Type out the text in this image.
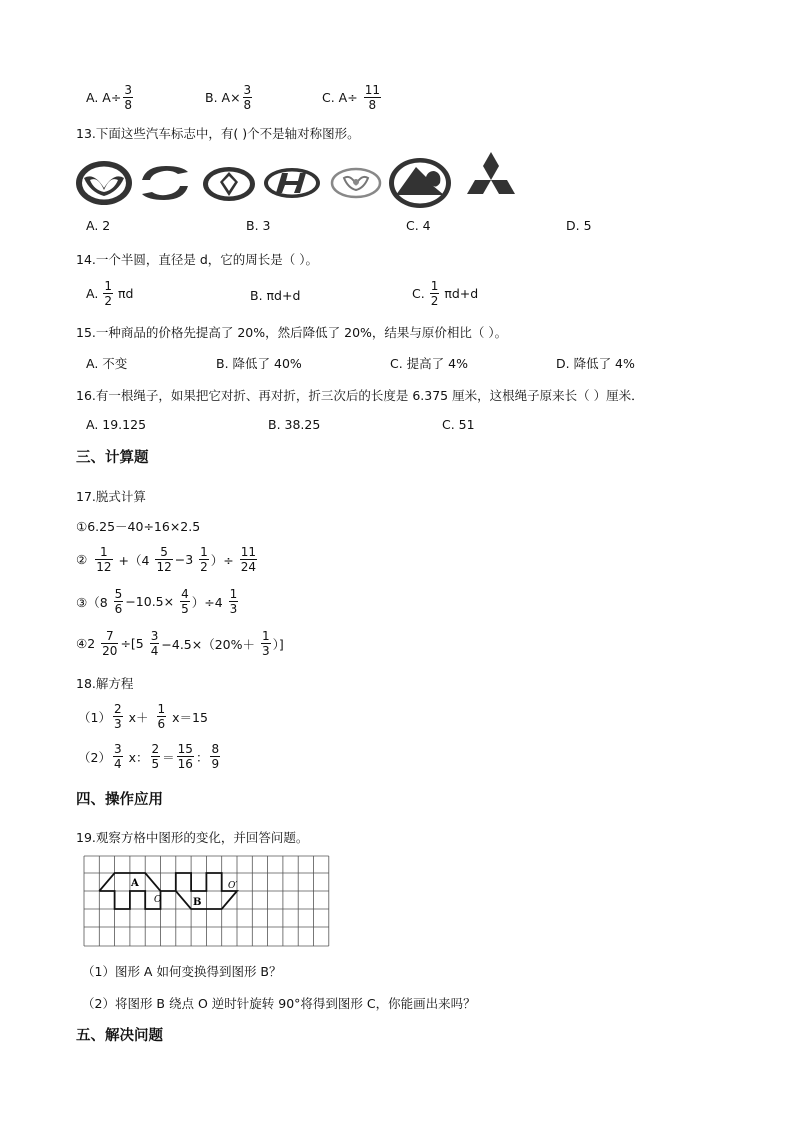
A. $A\div \frac{3}{8}$	B. $A\times \frac{3}{8}$	C. $A\div \frac{11}{8}$
13.下面这些汽车标志中，有( )个不是轴对称图形。
A. 2	B. 3	C. 4	D. 5
14.一个半圆，直径是 d，它的周长是（ ）。
A. $\frac{1}{2}$ πd	B. πd+d	C. $\frac{1}{2} \pi d+d$
15.一种商品的价格先提高了 20%，然后降低了 20%，结果与原价相比（ ）。
A. 不变	B. 降低了 40%	C. 提高了 4%	D. 降低了 4%
16.有一根绳子，如果把它对折、再对折，折三次后的长度是 6.375 厘米，这根绳子原来长（ ）厘米．
A. 19.125	B. 38.25	C. 51
三、计算题
17.脱式计算
①6.25－40÷16×2.5
② $\frac{1}{12} +(4 \frac{5}{12} -3 \frac{1}{2}$ ）÷ $\frac{11}{24}$
③（8 $\frac{5}{6} -10.5\times \frac{4}{5} )\div 4 \frac{1}{3}$
④2 $\frac{7}{20} \div[5 \frac{3}{4} -4.5\times(20\%+ \frac{1}{3}$ ）]
18.解方程
$(1) \frac{2}{3} x+ \frac{1}{6} x=15$
$(2) \frac{3}{4}$ x： $\frac{2}{5} = \frac{15}{16}$ ： $\frac{8}{9}$
四、操作应用
19.观察方格中图形的变化，并回答问题。
A
B
O
O′
（1）图形 A 如何变换得到图形 B？
（2）将图形 B 绕点 O 逆时针旋转 90°将得到图形 C，你能画出来吗？
五、解决问题
